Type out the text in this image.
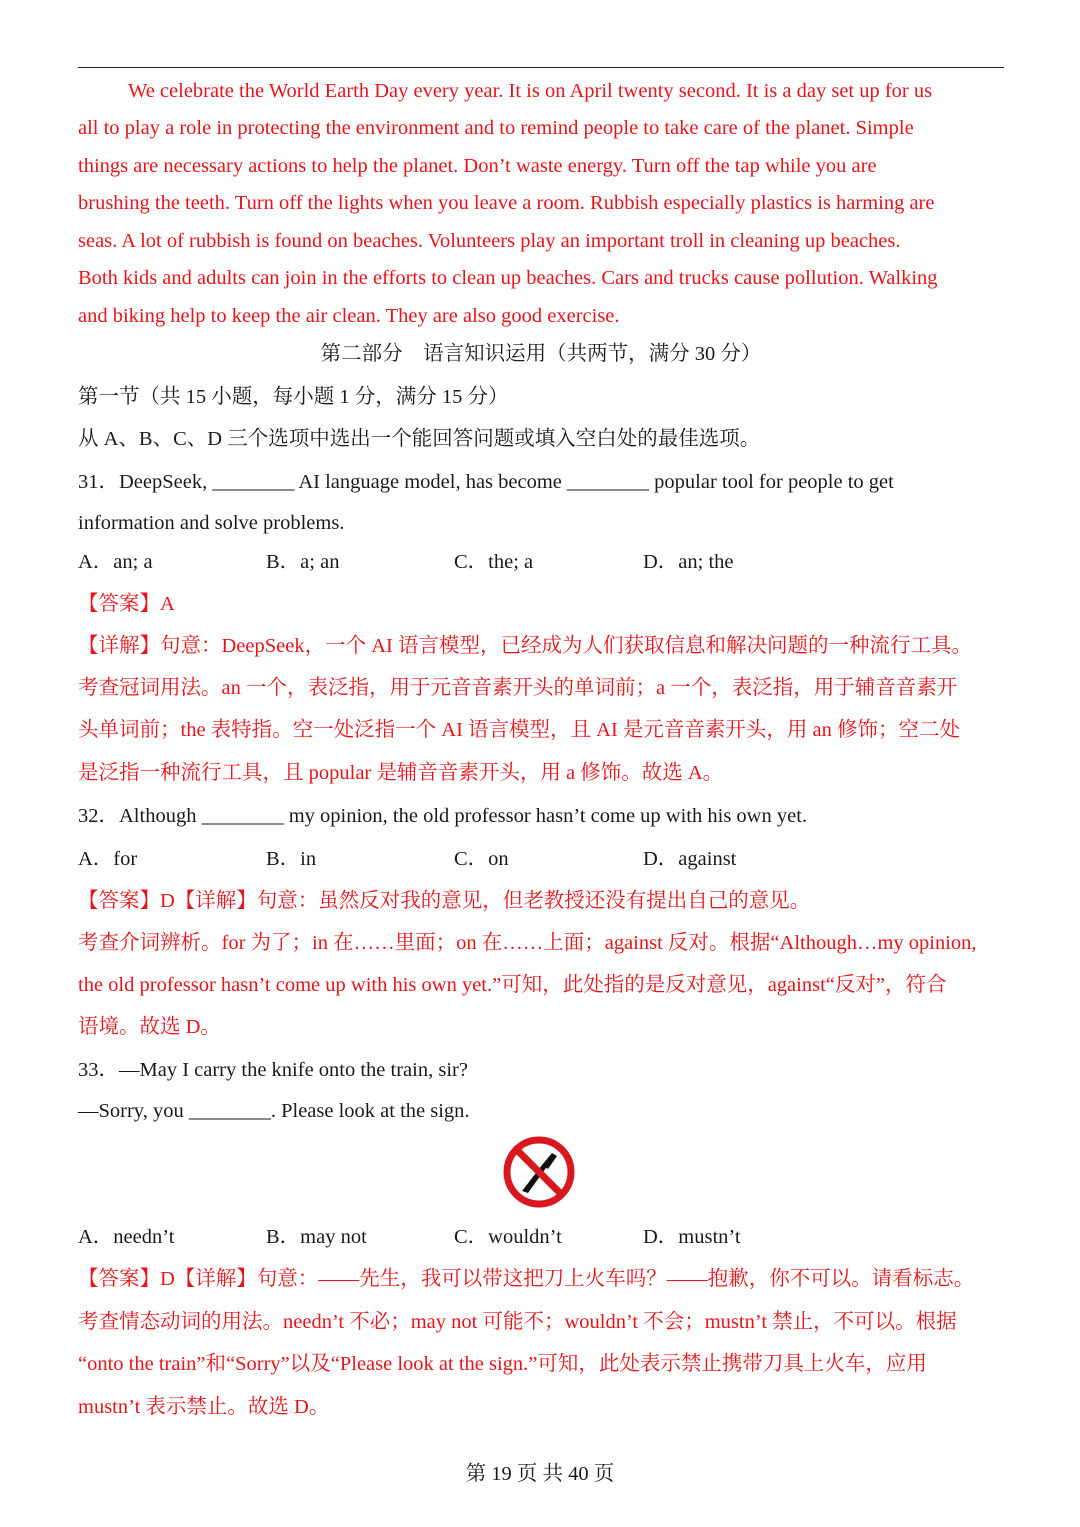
We celebrate the World Earth Day every year. It is on April twenty second. It is a day set up for us
all to play a role in protecting the environment and to remind people to take care of the planet. Simple
things are necessary actions to help the planet. Don’t waste energy. Turn off the tap while you are
brushing the teeth. Turn off the lights when you leave a room. Rubbish especially plastics is harming are
seas. A lot of rubbish is found on beaches. Volunteers play an important troll in cleaning up beaches.
Both kids and adults can join in the efforts to clean up beaches. Cars and trucks cause pollution. Walking
and biking help to keep the air clean. They are also good exercise.
第二部分　语言知识运用（共两节，满分 30 分）
第一节（共 15 小题，每小题 1 分，满分 15 分）
从 A、B、C、D 三个选项中选出一个能回答问题或填入空白处的最佳选项。
31．DeepSeek, ________ AI language model, has become ________ popular tool for people to get
information and solve problems.
A．an; a	B．a; an	C．the; a	D．an; the
【答案】A
【详解】句意：DeepSeek，一个 AI 语言模型，已经成为人们获取信息和解决问题的一种流行工具。
考查冠词用法。an 一个，表泛指，用于元音音素开头的单词前；a 一个，表泛指，用于辅音音素开
头单词前；the 表特指。空一处泛指一个 AI 语言模型，且 AI 是元音音素开头，用 an 修饰；空二处
是泛指一种流行工具，且 popular 是辅音音素开头，用 a 修饰。故选 A。
32．Although ________ my opinion, the old professor hasn’t come up with his own yet.
A．for	B．in	C．on	D．against
【答案】D【详解】句意：虽然反对我的意见，但老教授还没有提出自己的意见。
考查介词辨析。for 为了；in 在……里面；on 在……上面；against 反对。根据“Although…my opinion,
the old professor hasn’t come up with his own yet.”可知，此处指的是反对意见，against“反对”，符合
语境。故选 D。
33．—May I carry the knife onto the train, sir?
—Sorry, you ________. Please look at the sign.
A．needn’t	B．may not	C．wouldn’t	D．mustn’t
【答案】D【详解】句意：——先生，我可以带这把刀上火车吗？——抱歉，你不可以。请看标志。
考查情态动词的用法。needn’t 不必；may not 可能不；wouldn’t 不会；mustn’t 禁止，不可以。根据
“onto the train”和“Sorry”以及“Please look at the sign.”可知，此处表示禁止携带刀具上火车，应用
mustn’t 表示禁止。故选 D。
第 19 页 共 40 页
